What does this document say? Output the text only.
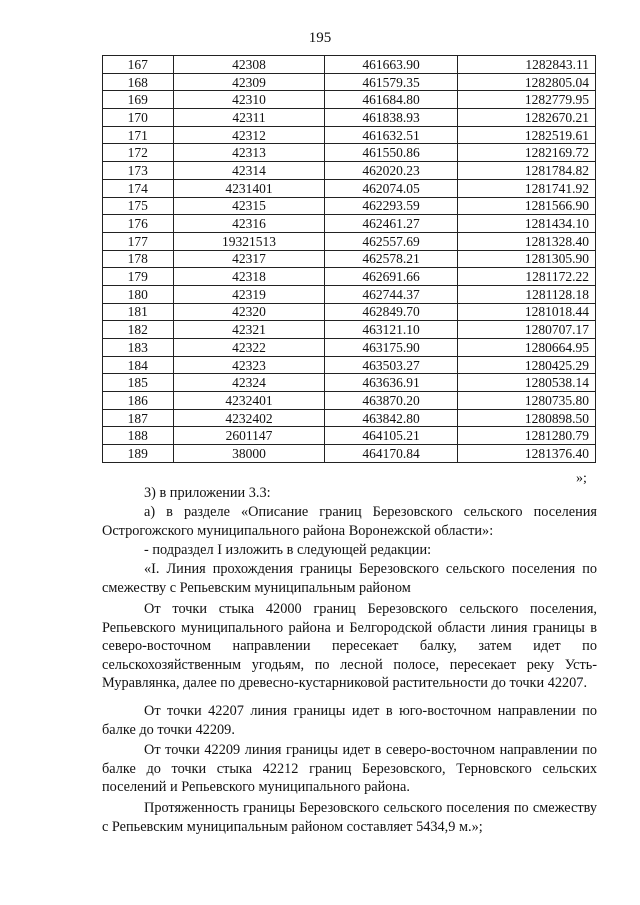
195
167	42308	461663.90	1282843.11
168	42309	461579.35	1282805.04
169	42310	461684.80	1282779.95
170	42311	461838.93	1282670.21
171	42312	461632.51	1282519.61
172	42313	461550.86	1282169.72
173	42314	462020.23	1281784.82
174	4231401	462074.05	1281741.92
175	42315	462293.59	1281566.90
176	42316	462461.27	1281434.10
177	19321513	462557.69	1281328.40
178	42317	462578.21	1281305.90
179	42318	462691.66	1281172.22
180	42319	462744.37	1281128.18
181	42320	462849.70	1281018.44
182	42321	463121.10	1280707.17
183	42322	463175.90	1280664.95
184	42323	463503.27	1280425.29
185	42324	463636.91	1280538.14
186	4232401	463870.20	1280735.80
187	4232402	463842.80	1280898.50
188	2601147	464105.21	1281280.79
189	38000	464170.84	1281376.40
»;
3) в приложении 3.3:
а) в разделе «Описание границ Березовского сельского поселения Острогожского муниципального района Воронежской области»:
- подраздел I изложить в следующей редакции:
«I. Линия прохождения границы Березовского сельского поселения по смежеству с Репьевским муниципальным районом
От точки стыка 42000 границ Березовского сельского поселения, Репьевского муниципального района и Белгородской области линия границы в северо-восточном направлении пересекает балку, затем идет по сельскохозяйственным угодьям, по лесной полосе, пересекает реку Усть-Муравлянка, далее по древесно-кустарниковой растительности до точки 42207.
От точки 42207 линия границы идет в юго-восточном направлении по балке до точки 42209.
От точки 42209 линия границы идет в северо-восточном направлении по балке до точки стыка 42212 границ Березовского, Терновского сельских поселений и Репьевского муниципального района.
Протяженность границы Березовского сельского поселения по смежеству с Репьевским муниципальным районом составляет 5434,9 м.»;
